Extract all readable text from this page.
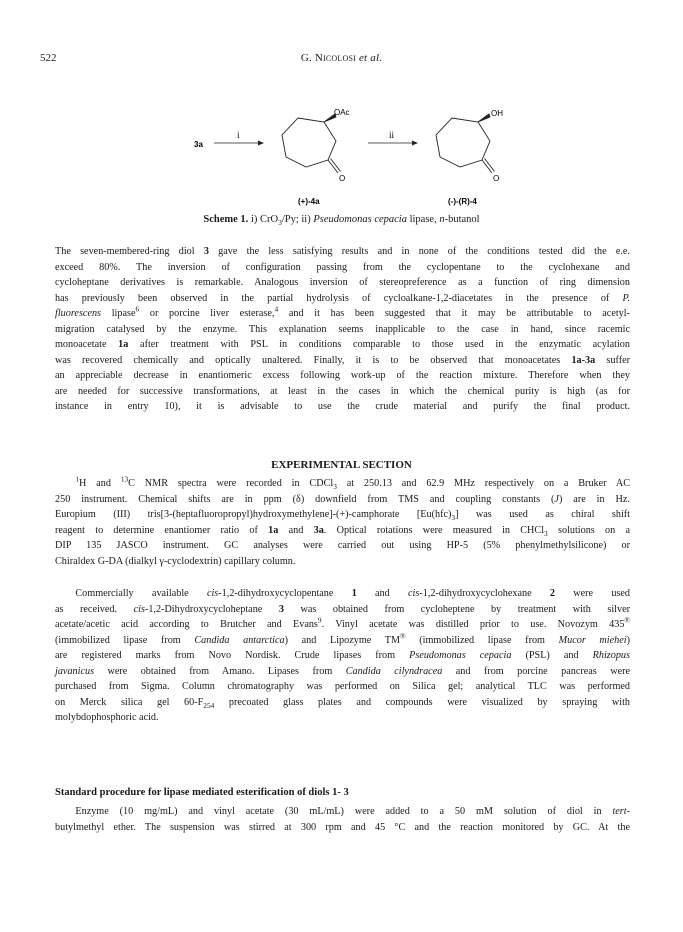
522	G. Nicolosi et al.
3a
i
OAc
O
ii
OH
O
(+)-4a	(-)-(R)-4
Scheme 1. i) CrO$_3$/Py; ii) Pseudomonas cepacia lipase, n-butanol
The seven-membered-ring diol 3 gave the less satisfying results and in none of the conditions tested did the e.e.
exceed 80%. The inversion of configuration passing from the cyclopentane to the cyclohexane and
cycloheptane derivatives is remarkable. Analogous inversion of stereopreference as a function of ring dimension
has previously been observed in the partial hydrolysis of cycloalkane-1,2-diacetates in the presence of P.
fluorescens lipase$^6$ or porcine liver esterase,$^4$ and it has been suggested that it may be attributable to acetyl-
migration catalysed by the enzyme. This explanation seems inapplicable to the case in hand, since racemic
monoacetate 1a after treatment with PSL in conditions comparable to those used in the enzymatic acylation
was recovered chemically and optically unaltered. Finally, it is to be observed that monoacetates 1a-3a suffer
an appreciable decrease in enantiomeric excess following work-up of the reaction mixture. Therefore when they
are needed for successive transformations, at least in the cases in which the chemical purity is high (as for
instance in entry 10), it is advisable to use the crude material and purify the final product.
EXPERIMENTAL SECTION
  $^1$H and $^{13}$C NMR spectra were recorded in CDCl$_3$ at 250.13 and 62.9 MHz respectively on a Bruker AC
250 instrument. Chemical shifts are in ppm (δ) downfield from TMS and coupling constants (J) are in Hz.
Europium (III) tris[3-(heptafluoropropyl)hydroxymethylene]-(+)-camphorate $[Eu(hfc)_3]$ was used as chiral shift
reagent to determine enantiomer ratio of 1a and 3a. Optical rotations were measured in CHCl$_3$ solutions on a
DIP 135 JASCO instrument. GC analyses were carried out using HP-5 (5% phenylmethylsilicone) or
Chiraldex G-DA (dialkyl γ-cyclodextrin) capillary column.
  Commercially available cis-1,2-dihydroxycyclopentane 1 and cis-1,2-dihydroxycyclohexane 2 were used
as received. cis-1,2-Dihydroxycycloheptane 3 was obtained from cycloheptene by treatment with silver
acetate/acetic acid according to Brutcher and Evans$^9$. Vinyl acetate was distilled prior to use. Novozym 435®
(immobilized lipase from Candida antarctica) and Lipozyme TM® (immobilized lipase from Mucor miehei)
are registered marks from Novo Nordisk. Crude lipases from Pseudomonas cepacia (PSL) and Rhizopus
javanicus were obtained from Amano. Lipases from Candida cilyndracea and from porcine pancreas were
purchased from Sigma. Column chromatography was performed on Silica gel; analytical TLC was performed
on Merck silica gel $60-F_{254}$ precoated glass plates and compounds were visualized by spraying with
molybdophosphoric acid.
Standard procedure for lipase mediated esterification of diols 1- 3
  Enzyme (10 mg/mL) and vinyl acetate (30 mL/mL) were added to a 50 mM solution of diol in tert-
butylmethyl ether. The suspension was stirred at 300 rpm and 45 °C and the reaction monitored by GC. At the
